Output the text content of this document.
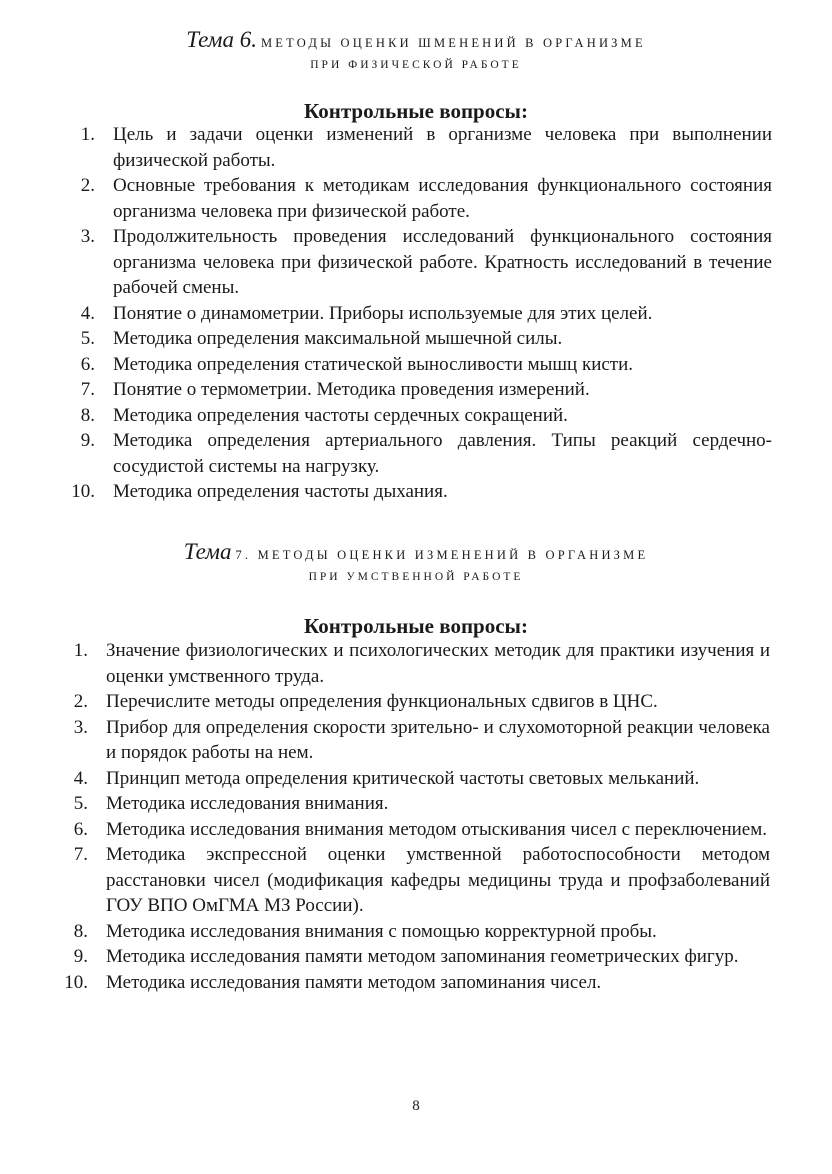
Тема 6. МЕТОДЫ ОЦЕНКИ ШМЕНЕНИЙ В ОРГАНИЗМЕ
ПРИ ФИЗИЧЕСКОЙ РАБОТЕ
Контрольные вопросы:
1. Цель и задачи оценки изменений в организме человека при выполнении физической работы.
2. Основные требования к методикам исследования функционального состояния организма человека при физической работе.
3. Продолжительность проведения исследований функционального состояния организма человека при физической работе. Кратность исследований в течение рабочей смены.
4. Понятие о динамометрии. Приборы используемые для этих целей.
5. Методика определения максимальной мышечной силы.
6. Методика определения статической выносливости мышц кисти.
7. Понятие о термометрии. Методика проведения измерений.
8. Методика определения частоты сердечных сокращений.
9. Методика определения артериального давления. Типы реакций сердечно-сосудистой системы на нагрузку.
10. Методика определения частоты дыхания.
Тема 7. МЕТОДЫ ОЦЕНКИ ИЗМЕНЕНИЙ В ОРГАНИЗМЕ
ПРИ УМСТВЕННОЙ РАБОТЕ
Контрольные вопросы:
1. Значение физиологических и психологических методик для практики изучения и оценки умственного труда.
2. Перечислите методы определения функциональных сдвигов в ЦНС.
3. Прибор для определения скорости зрительно- и слухомоторной реакции человека и порядок работы на нем.
4. Принцип метода определения критической частоты световых мельканий.
5. Методика исследования внимания.
6. Методика исследования внимания методом отыскивания чисел с переключением.
7. Методика экспрессной оценки умственной работоспособности методом расстановки чисел (модификация кафедры медицины труда и профзаболеваний ГОУ ВПО ОмГМА МЗ России).
8. Методика исследования внимания с помощью корректурной пробы.
9. Методика исследования памяти методом запоминания геометрических фигур.
10. Методика исследования памяти методом запоминания чисел.
8
